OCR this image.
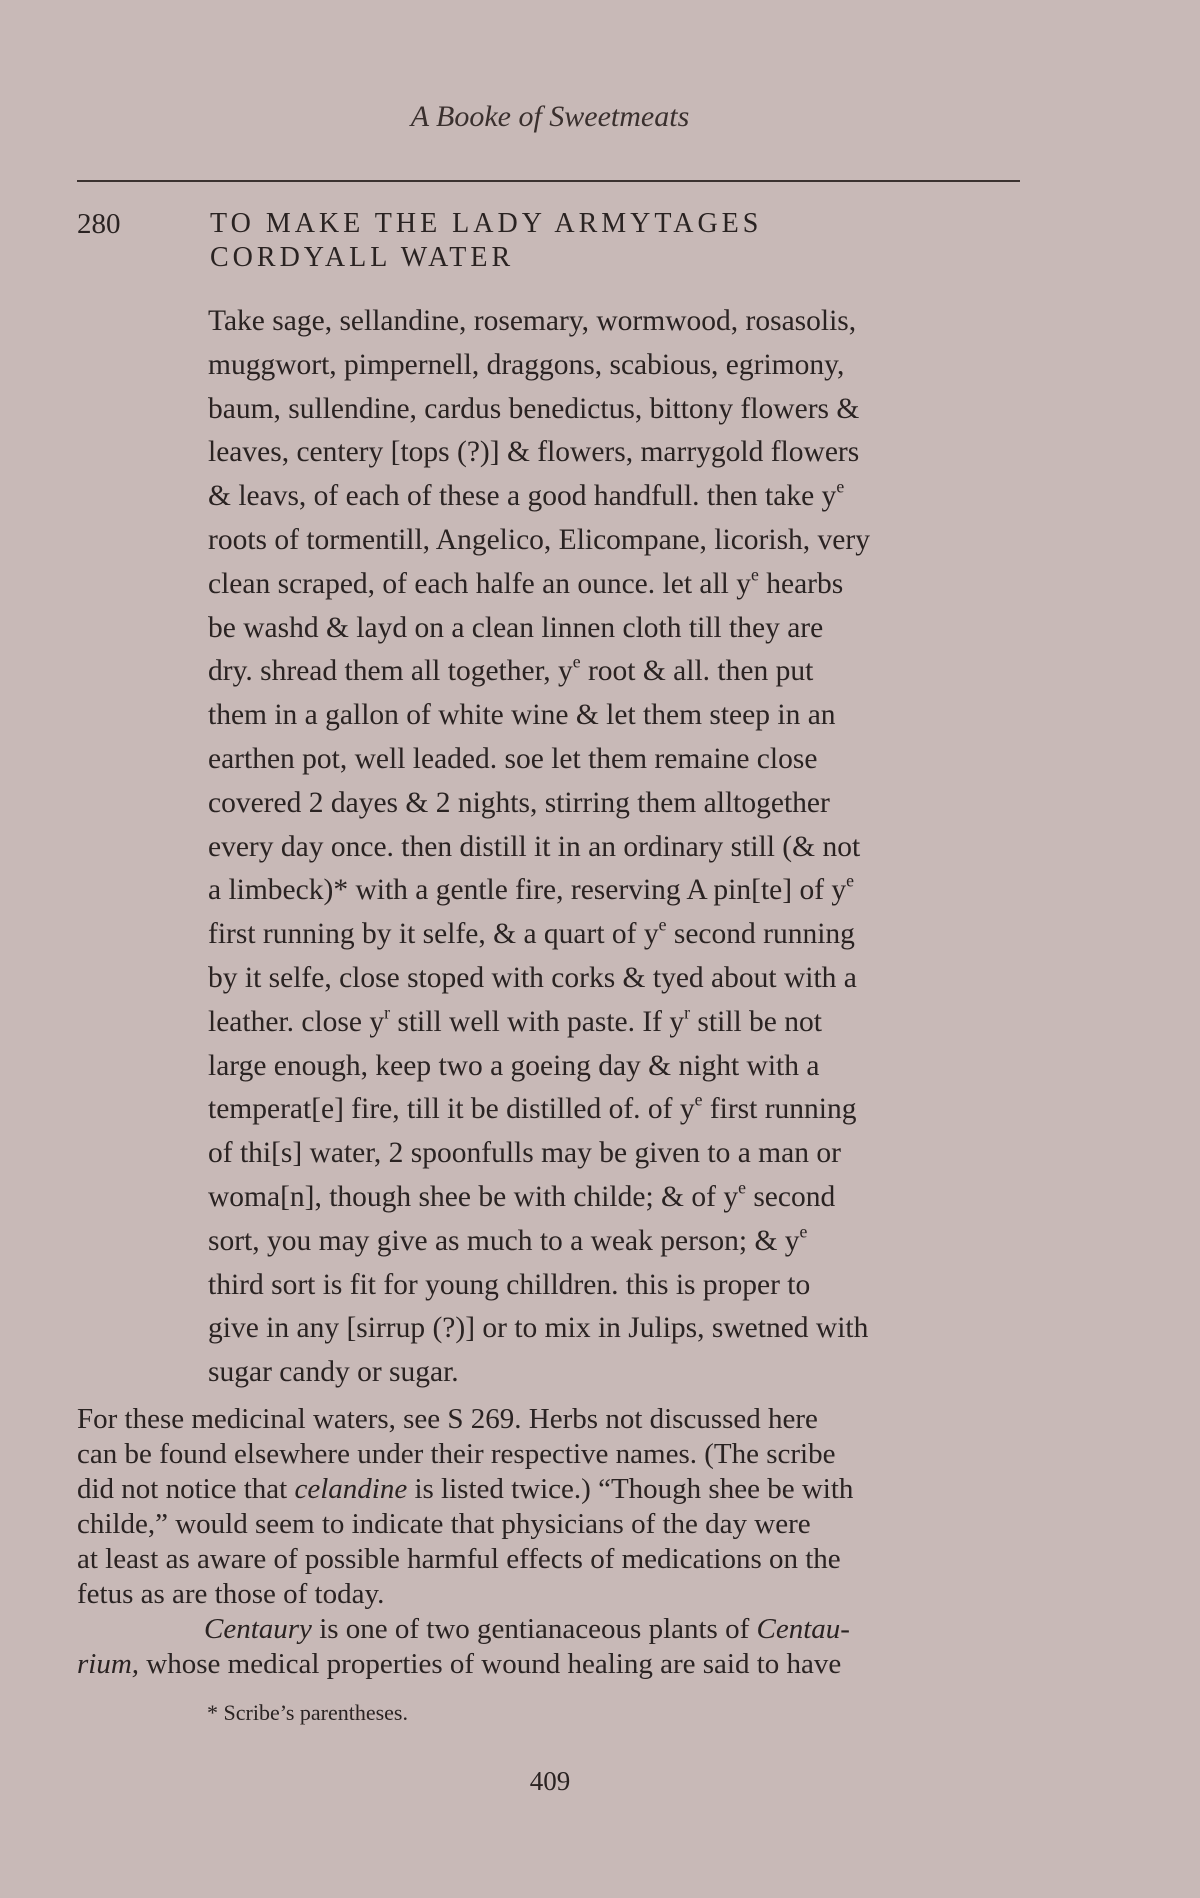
A Booke of Sweetmeats
280	TO MAKE THE LADY ARMYTAGES
CORDYALL WATER
Take sage, sellandine, rosemary, wormwood, rosasolis,
muggwort, pimpernell, draggons, scabious, egrimony,
baum, sullendine, cardus benedictus, bittony flowers &
leaves, centery [tops (?)] & flowers, marrygold flowers
& leavs, of each of these a good handfull. then take $y^e$
roots of tormentill, Angelico, Elicompane, licorish, very
clean scraped, of each halfe an ounce. let all $y^e$ hearbs
be washd & layd on a clean linnen cloth till they are
dry. shread them all together, $y^e$ root & all. then put
them in a gallon of white wine & let them steep in an
earthen pot, well leaded. soe let them remaine close
covered 2 dayes & 2 nights, stirring them alltogether
every day once. then distill it in an ordinary still (& not
a limbeck)* with a gentle fire, reserving A pin[te] of $y^e$
first running by it selfe, & a quart of $y^e$ second running
by it selfe, close stoped with corks & tyed about with a
leather. close $y^r$ still well with paste. If $y^r$ still be not
large enough, keep two a goeing day & night with a
temperat[e] fire, till it be distilled of. of $y^e$ first running
of thi[s] water, 2 spoonfulls may be given to a man or
woma[n], though shee be with childe; & of $y^e$ second
sort, you may give as much to a weak person; & $y^e$
third sort is fit for young chilldren. this is proper to
give in any [sirrup (?)] or to mix in Julips, swetned with
sugar candy or sugar.
For these medicinal waters, see S 269. Herbs not discussed here
can be found elsewhere under their respective names. (The scribe
did not notice that celandine is listed twice.) “Though shee be with
childe,” would seem to indicate that physicians of the day were
at least as aware of possible harmful effects of medications on the
fetus as are those of today.
Centaury is one of two gentianaceous plants of Centau-
rium, whose medical properties of wound healing are said to have
* Scribe’s parentheses.
409
